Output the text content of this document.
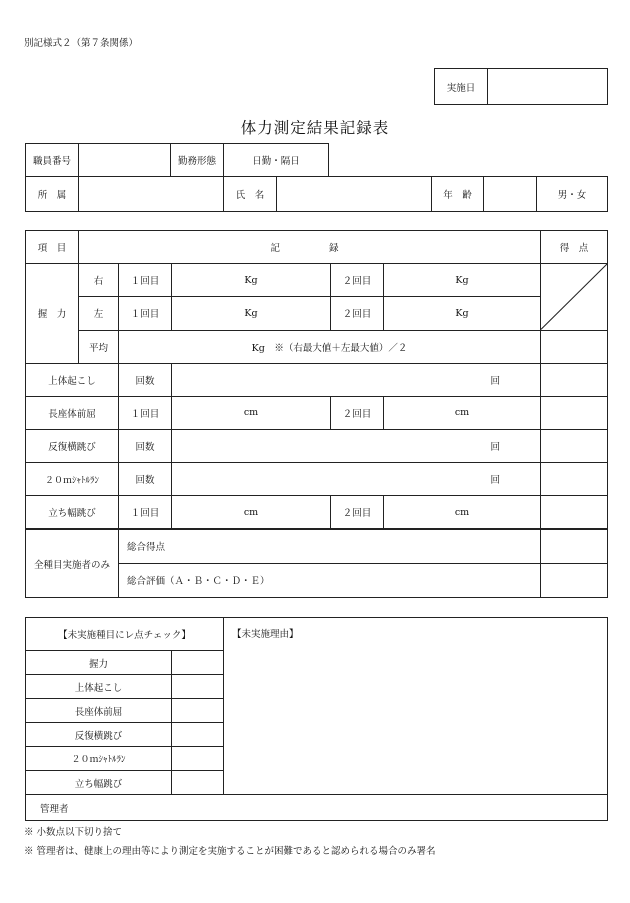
別記様式２（第７条関係）
実施日	
体力測定結果記録表
職員番号		勤務形態	日勤・隔日					
所　属			氏　名			年　齢		男・女
項　目	記　　録					得　点
握　力	右	１回目	Kg	２回目	Kg	

	左	１回目	Kg	２回目	Kg	
	平均	Kg　※（右最大値＋左最大値）／２				
上体起こし		回数	回			
長座体前屈		１回目	cm	２回目	cm	
反復横跳び		回数	回			
２０ｍｼｬﾄﾙﾗﾝ		回数	回			
立ち幅跳び		１回目	cm	２回目	cm	
全種目実施者のみ		総合得点				
		総合評価（Ａ・Ｂ・Ｃ・Ｄ・Ｅ）				
【未実施種目にレ点チェック】		【未実施理由】
握力		
上体起こし		
長座体前屈		
反復横跳び		
２０ｍｼｬﾄﾙﾗﾝ		
立ち幅跳び		
管理者		
※ 小数点以下切り捨て
※ 管理者は、健康上の理由等により測定を実施することが困難であると認められる場合のみ署名
